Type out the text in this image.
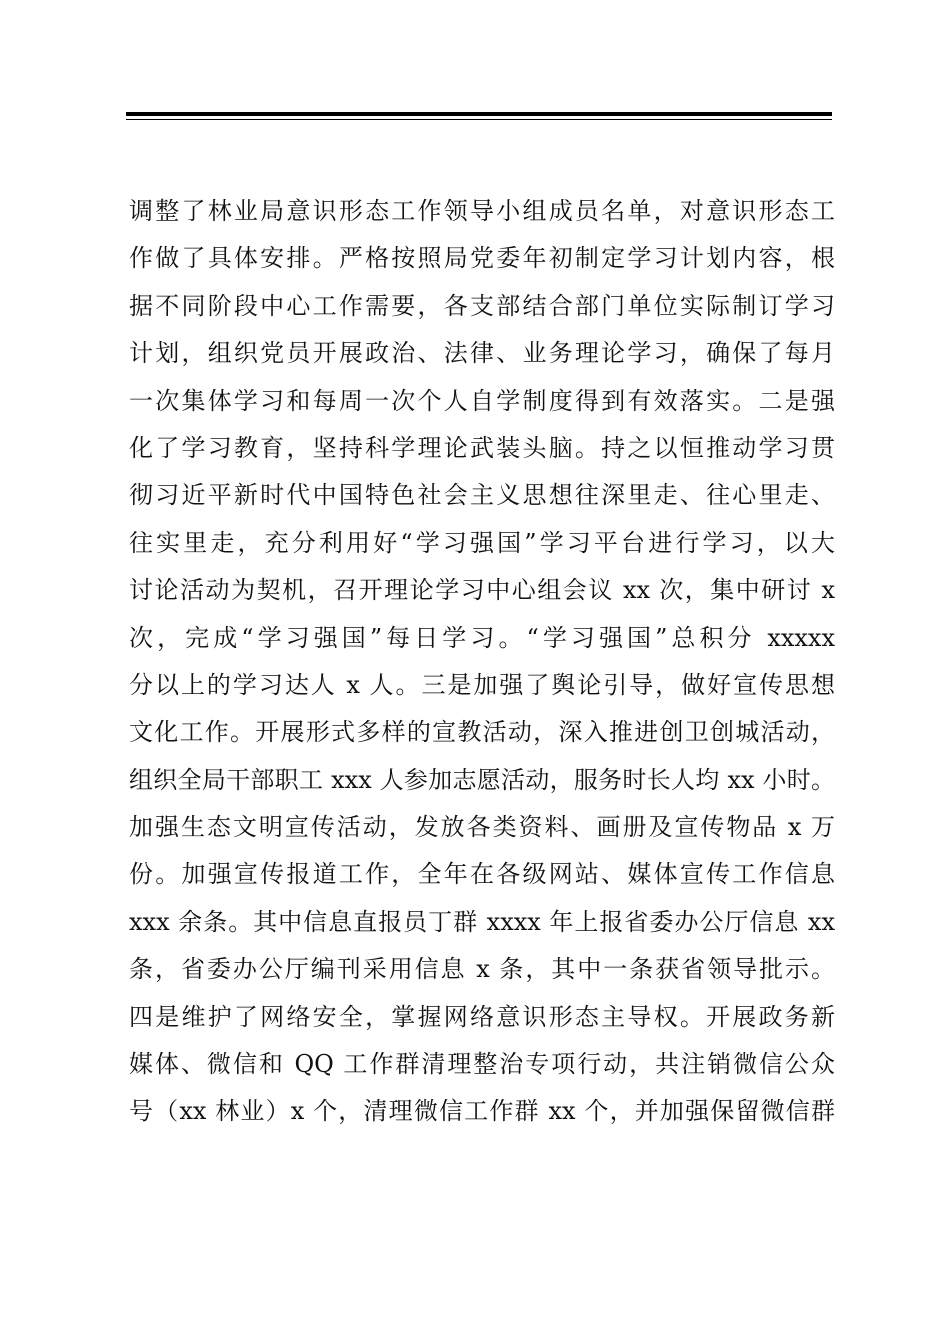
调整了林业局意识形态工作领导小组成员名单，对意识形态工
作做了具体安排。严格按照局党委年初制定学习计划内容，根
据不同阶段中心工作需要，各支部结合部门单位实际制订学习
计划，组织党员开展政治、法律、业务理论学习，确保了每月
一次集体学习和每周一次个人自学制度得到有效落实。二是强
化了学习教育，坚持科学理论武装头脑。持之以恒推动学习贯
彻习近平新时代中国特色社会主义思想往深里走、往心里走、
往实里走，充分利用好“学习强国”学习平台进行学习，以大
讨论活动为契机，召开理论学习中心组会议 xx 次，集中研讨 x
次，完成“学习强国”每日学习。“学习强国”总积分 xxxxx
分以上的学习达人 x 人。三是加强了舆论引导，做好宣传思想
文化工作。开展形式多样的宣教活动，深入推进创卫创城活动，
组织全局干部职工 xxx 人参加志愿活动，服务时长人均 xx 小时。
加强生态文明宣传活动，发放各类资料、画册及宣传物品 x 万
份。加强宣传报道工作，全年在各级网站、媒体宣传工作信息
xxx 余条。其中信息直报员丁群 xxxx 年上报省委办公厅信息 xx
条，省委办公厅编刊采用信息 x 条，其中一条获省领导批示。
四是维护了网络安全，掌握网络意识形态主导权。开展政务新
媒体、微信和 QQ 工作群清理整治专项行动，共注销微信公众
号（xx 林业）x 个，清理微信工作群 xx 个，并加强保留微信群
